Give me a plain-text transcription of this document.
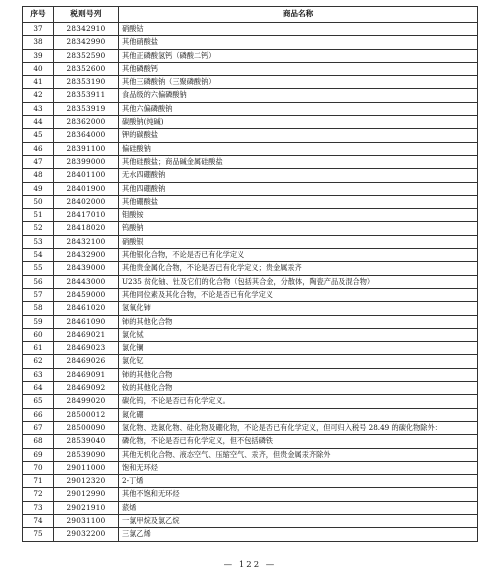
序号	税则号列	商品名称
37	28342910	硝酸钴
38	28342990	其他硝酸盐
39	28352590	其他正磷酸氢钙（磷酸二钙）
40	28352600	其他磷酸钙
41	28353190	其他三磷酸钠（三聚磷酸钠）
42	28353911	食品级的六偏磷酸钠
43	28353919	其他六偏磷酸钠
44	28362000	碳酸钠(纯碱)
45	28364000	钾的碳酸盐
46	28391100	偏硅酸钠
47	28399000	其他硅酸盐；商品碱金属硅酸盐
48	28401100	无水四硼酸钠
49	28401900	其他四硼酸钠
50	28402000	其他硼酸盐
51	28417010	钼酸铵
52	28418020	钨酸钠
53	28432100	硝酸银
54	28432900	其他银化合物，不论是否已有化学定义
55	28439000	其他贵金属化合物，不论是否已有化学定义；贵金属汞齐
56	28443000	U235 贫化铀、钍及它们的化合物（包括其合金，分散体，陶瓷产品及混合物）
57	28459000	其他同位素及其化合物，不论是否已有化学定义
58	28461020	氢氧化铈
59	28461090	铈的其他化合物
60	28469021	氯化铽
61	28469023	氯化镧
62	28469026	氯化钇
63	28469091	铈的其他化合物
64	28469092	钕的其他化合物
65	28499020	碳化钨，不论是否已有化学定义。
66	28500012	氮化硼
67	28500090	氢化物、迭氮化物、硅化物及硼化物，不论是否已有化学定义，但可归入税号 28.49 的碳化物除外：
68	28539040	磷化物，不论是否已有化学定义，但不包括磷铁
69	28539090	其他无机化合物、液态空气、压缩空气、汞齐，但贵金属汞齐除外
70	29011000	饱和无环烃
71	29012320	2-丁烯
72	29012990	其他不饱和无环烃
73	29021910	蒎烯
74	29031100	一氯甲烷及氯乙烷
75	29032200	三氯乙烯
— 122 —
